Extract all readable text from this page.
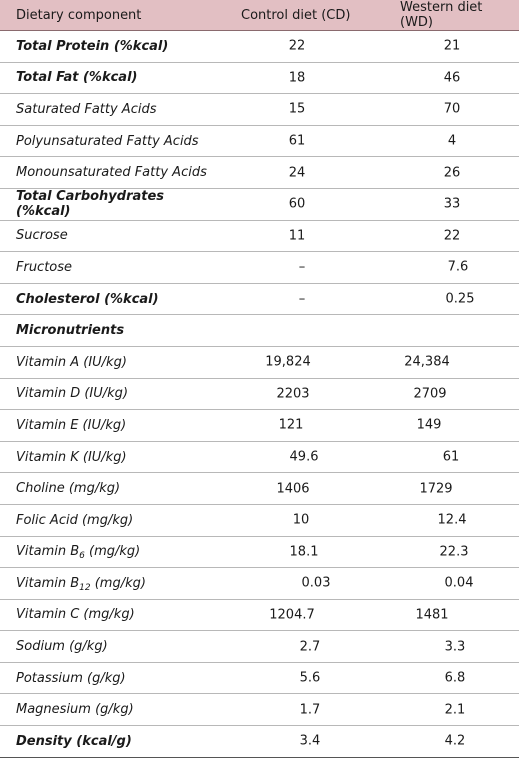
Dietary component	Control diet (CD)	Western diet (WD)
Total Protein (%kcal)	22	21

Total Fat (%kcal)	18	46

Saturated Fatty Acids	15	70

Polyunsaturated Fatty Acids	61	4

Monounsaturated Fatty Acids	24	26

Total Carbohydrates (%kcal)	60	33

Sucrose	11	22

Fructose	–	7.6

Cholesterol (%kcal)	–	0.25

Micronutrients		
Vitamin A (IU/kg)	19,824	24,384

Vitamin D (IU/kg)	2203	2709

Vitamin E (IU/kg)	121	149

Vitamin K (IU/kg)	49.6	61

Choline (mg/kg)	1406	1729

Folic Acid (mg/kg)	10	12.4

Vitamin $B_6$ (mg/kg)	18.1	22.3

Vitamin $B_{12}$ (mg/kg)	0.03	0.04

Vitamin C (mg/kg)	1204.7	1481

Sodium (g/kg)	2.7	3.3

Potassium (g/kg)	5.6	6.8

Magnesium (g/kg)	1.7	2.1

Density (kcal/g)	3.4	4.2
